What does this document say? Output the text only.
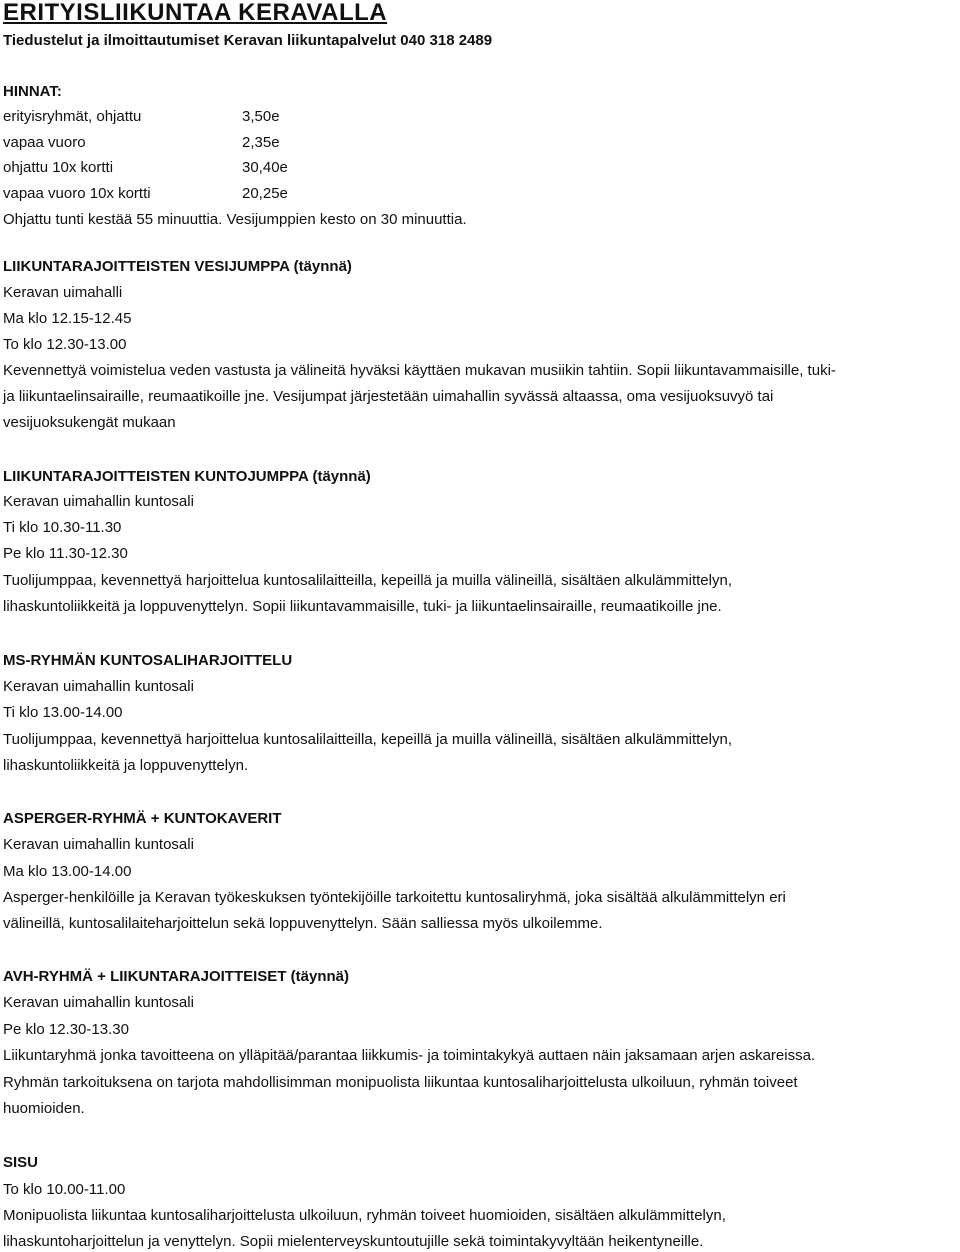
ERITYISLIIKUNTAA KERAVALLA
Tiedustelut ja ilmoittautumiset Keravan liikuntapalvelut 040 318 2489
HINNAT:
erityisryhmät, ohjattu	3,50e
vapaa vuoro	2,35e
ohjattu 10x kortti	30,40e
vapaa vuoro 10x kortti	20,25e
Ohjattu tunti kestää 55 minuuttia. Vesijumppien kesto on 30 minuuttia.
LIIKUNTARAJOITTEISTEN VESIJUMPPA (täynnä)
Keravan uimahalli
Ma klo 12.15-12.45
To klo 12.30-13.00
Kevennettyä voimistelua veden vastusta ja välineitä hyväksi käyttäen mukavan musiikin tahtiin. Sopii liikuntavammaisille, tuki-
ja liikuntaelinsairaille, reumaatikoille jne. Vesijumpat järjestetään uimahallin syvässä altaassa, oma vesijuoksuvyö tai
vesijuoksukengät mukaan
LIIKUNTARAJOITTEISTEN KUNTOJUMPPA (täynnä)
Keravan uimahallin kuntosali
Ti klo 10.30-11.30
Pe klo 11.30-12.30
Tuolijumppaa, kevennettyä harjoittelua kuntosalilaitteilla, kepeillä ja muilla välineillä, sisältäen alkulämmittelyn,
lihaskuntoliikkeitä ja loppuvenyttelyn. Sopii liikuntavammaisille, tuki- ja liikuntaelinsairaille, reumaatikoille jne.
MS-RYHMÄN KUNTOSALIHARJOITTELU
Keravan uimahallin kuntosali
Ti klo 13.00-14.00
Tuolijumppaa, kevennettyä harjoittelua kuntosalilaitteilla, kepeillä ja muilla välineillä, sisältäen alkulämmittelyn,
lihaskuntoliikkeitä ja loppuvenyttelyn.
ASPERGER-RYHMÄ + KUNTOKAVERIT
Keravan uimahallin kuntosali
Ma klo 13.00-14.00
Asperger-henkilöille ja Keravan työkeskuksen työntekijöille tarkoitettu kuntosaliryhmä, joka sisältää alkulämmittelyn eri
välineillä, kuntosalilaiteharjoittelun sekä loppuvenyttelyn. Sään salliessa myös ulkoilemme.
AVH-RYHMÄ + LIIKUNTARAJOITTEISET (täynnä)
Keravan uimahallin kuntosali
Pe klo 12.30-13.30
Liikuntaryhmä jonka tavoitteena on ylläpitää/parantaa liikkumis- ja toimintakykyä auttaen näin jaksamaan arjen askareissa.
Ryhmän tarkoituksena on tarjota mahdollisimman monipuolista liikuntaa kuntosaliharjoittelusta ulkoiluun, ryhmän toiveet
huomioiden.
SISU
To klo 10.00-11.00
Monipuolista liikuntaa kuntosaliharjoittelusta ulkoiluun, ryhmän toiveet huomioiden, sisältäen alkulämmittelyn,
lihaskuntoharjoittelun ja venyttelyn. Sopii mielenterveyskuntoutujille sekä toimintakyvyltään heikentyneille.
